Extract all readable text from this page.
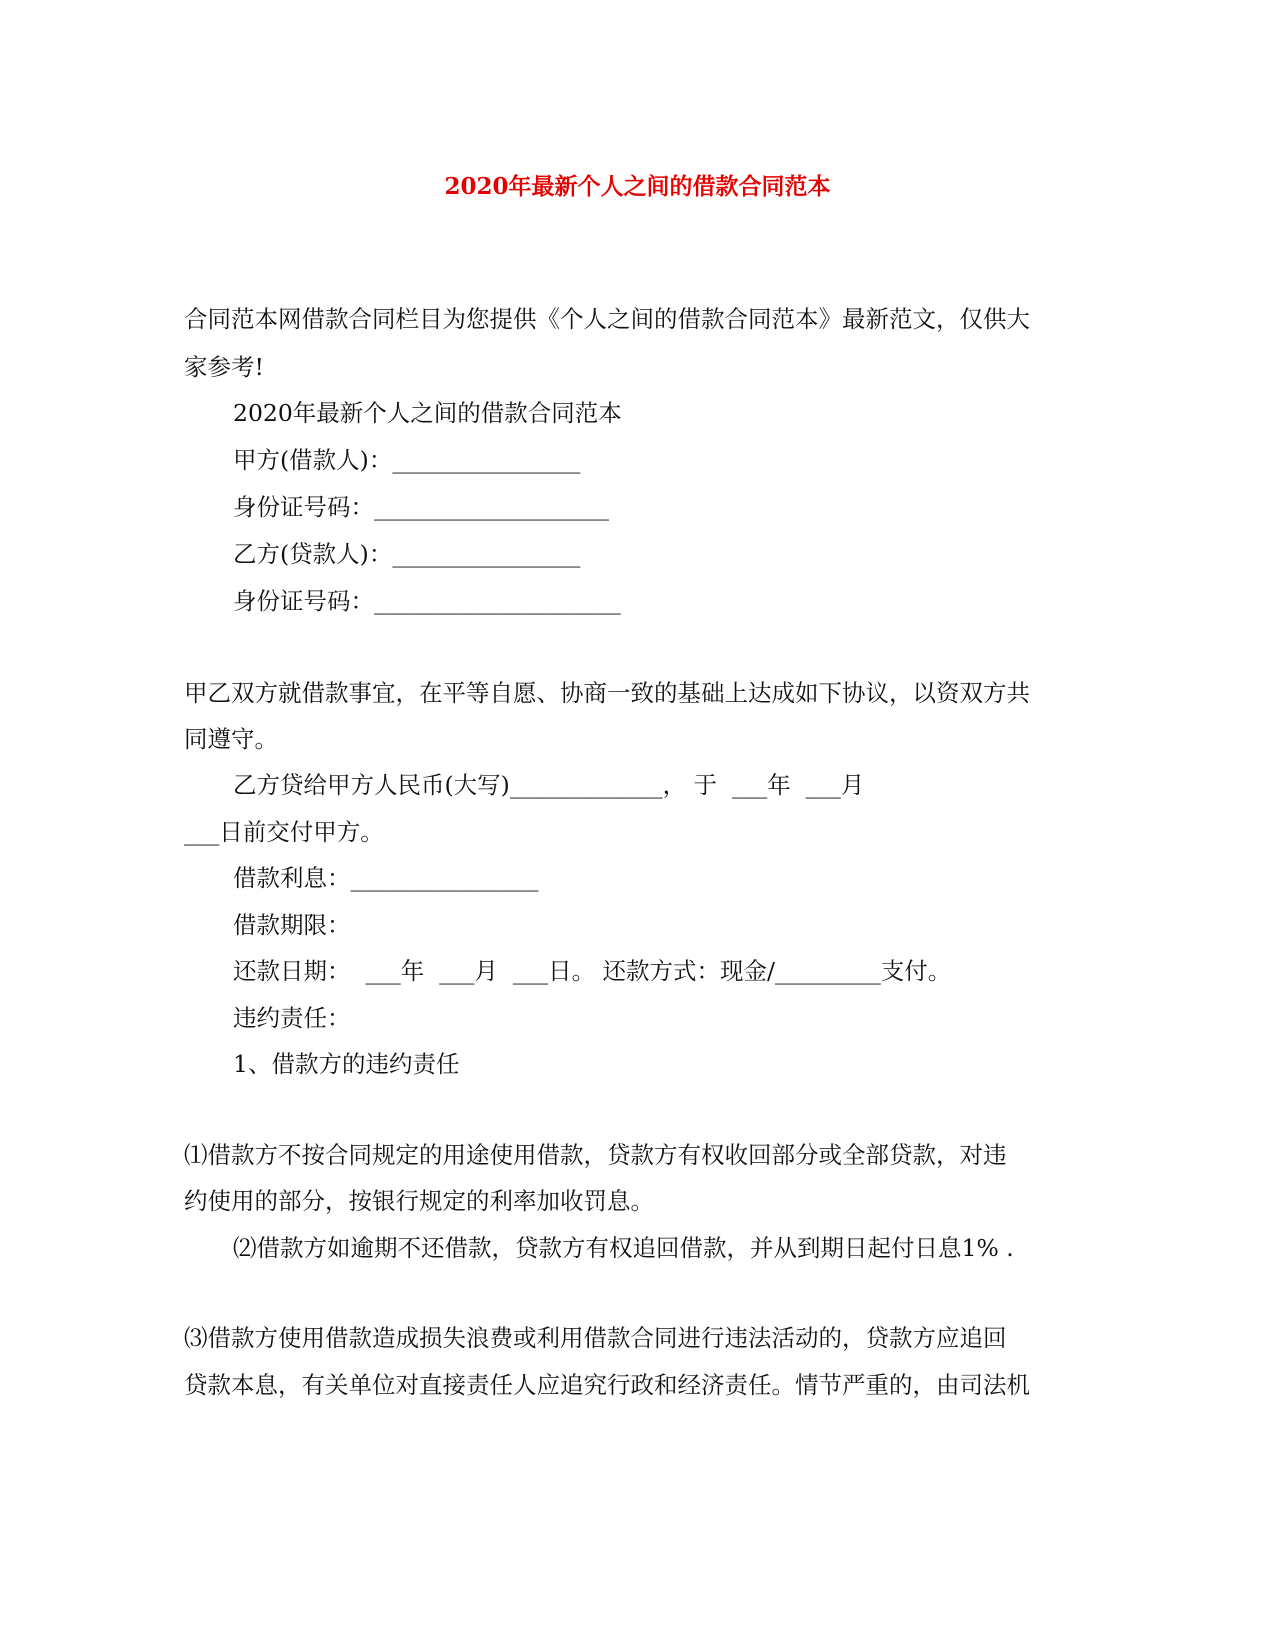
2020年最新个人之间的借款合同范本
合同范本网借款合同栏目为您提供《个人之间的借款合同范本》最新范文，仅供大
家参考!
2020年最新个人之间的借款合同范本
甲方(借款人)：________________
身份证号码：____________________
乙方(贷款人)：________________
身份证号码：_____________________
甲乙双方就借款事宜，在平等自愿、协商一致的基础上达成如下协议，以资双方共
同遵守。
乙方贷给甲方人民币(大写)_____________， 于  ___年  ___月
___日前交付甲方。
借款利息：________________
借款期限：
还款日期：  ___年  ___月  ___日。 还款方式：现金/_________支付。
违约责任：
1、借款方的违约责任
⑴借款方不按合同规定的用途使用借款，贷款方有权收回部分或全部贷款，对违
约使用的部分，按银行规定的利率加收罚息。
⑵借款方如逾期不还借款，贷款方有权追回借款，并从到期日起付日息1% .
⑶借款方使用借款造成损失浪费或利用借款合同进行违法活动的，贷款方应追回
贷款本息，有关单位对直接责任人应追究行政和经济责任。情节严重的，由司法机
